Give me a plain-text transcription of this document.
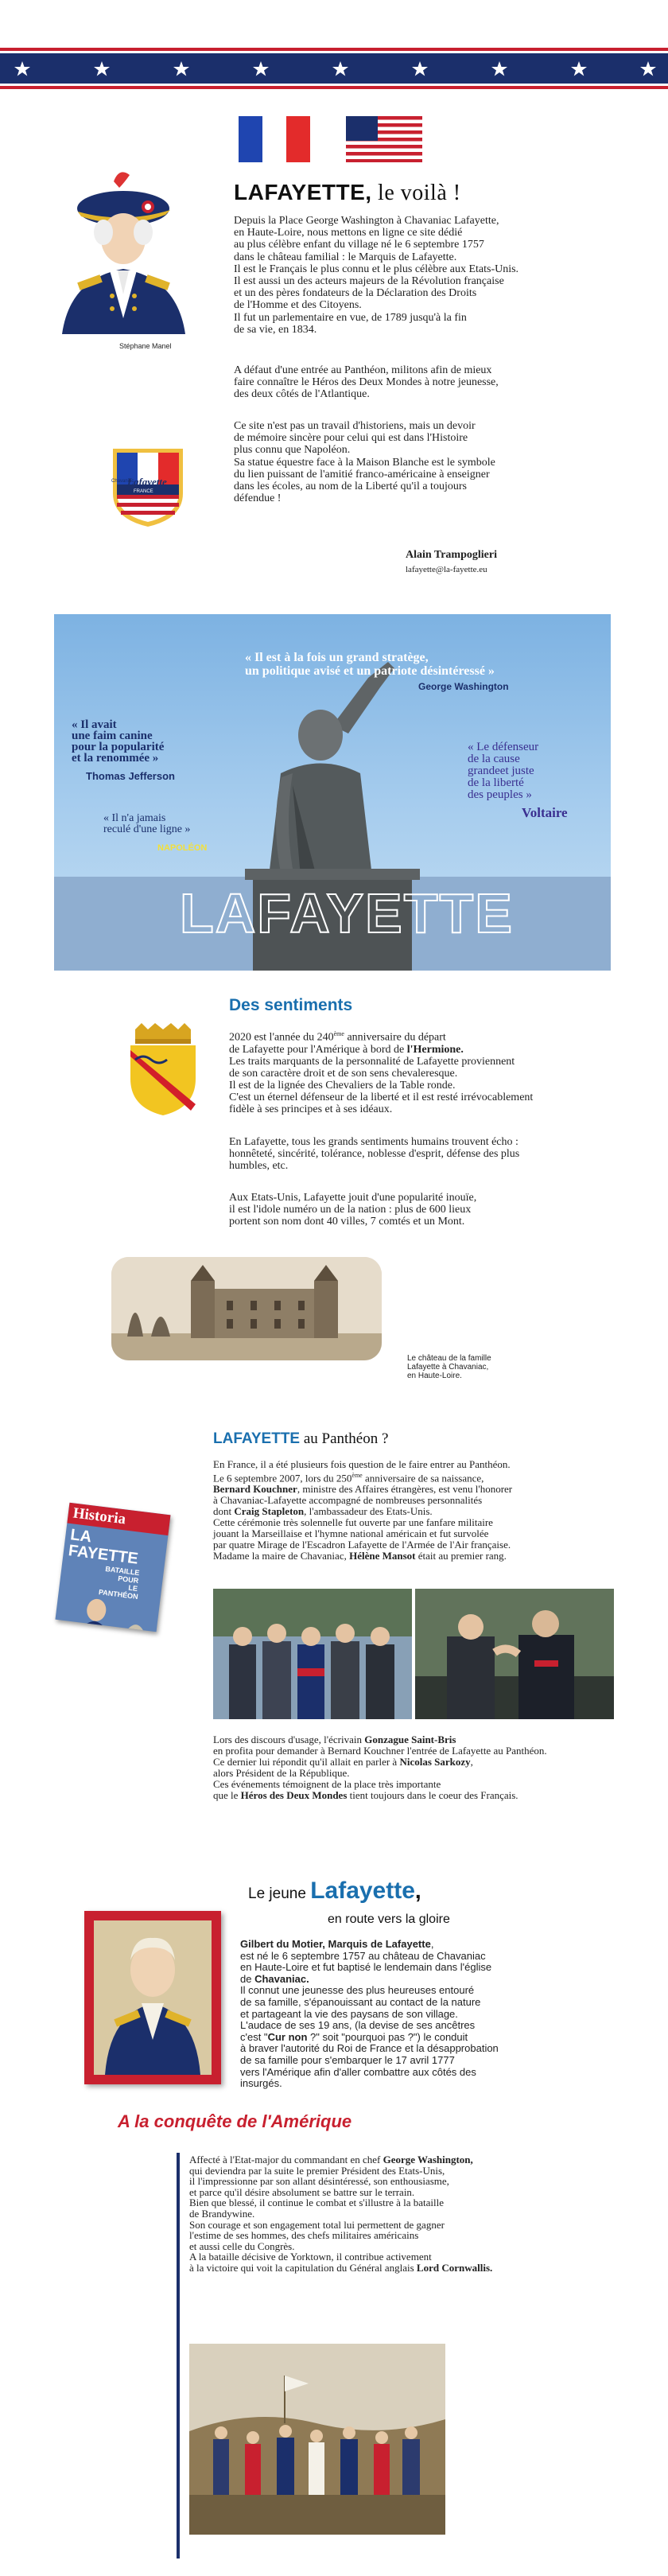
Stéphane Manel
LAFAYETTE, le voilà !

Depuis la Place George Washington à Chavaniac Lafayette,
en Haute-Loire, nous mettons en ligne ce site dédié
au plus célèbre enfant du village né le 6 septembre 1757
dans le château familial : le Marquis de Lafayette.
Il est le Français le plus connu et le plus célèbre aux Etats-Unis.
Il est aussi un des acteurs majeurs de la Révolution française
et un des pères fondateurs de la Déclaration des Droits
de l'Homme et des Citoyens.
Il fut un parlementaire en vue, de 1789 jusqu'à la fin
de sa vie, en 1834.

A défaut d'une entrée au Panthéon, militons afin de mieux
faire connaître le Héros des Deux Mondes à notre jeunesse,
des deux côtés de l'Atlantique.

Ce site n'est pas un travail d'historiens, mais un devoir
de mémoire sincère pour celui qui est dans l'Histoire
plus connu que Napoléon.
Sa statue équestre face à la Maison Blanche est le symbole
du lien puissant de l'amitié franco-américaine à enseigner
dans les écoles, au nom de la Liberté qu'il a toujours
défendue !

Lafayette
Chavaniac
FRANCE
Alain Trampoglieri
lafayette@la-fayette.eu
« Il est à la fois un grand stratège,
un politique avisé et un patriote désintéressé »
George Washington
« Il avait
une faim canine
pour la popularité
et la renommée »
Thomas Jefferson
« Le défenseur
de la cause
grandeet juste
de la liberté
des peuples »
Voltaire
« Il n'a jamais
reculé d'une ligne »
NAPOLÉON
LAFAYETTE
Des sentiments

2020 est l'année du 240ème anniversaire du départ
de Lafayette pour l'Amérique à bord de l'Hermione.
Les traits marquants de la personnalité de Lafayette proviennent
de son caractère droit et de son sens chevaleresque.
Il est de la lignée des Chevaliers de la Table ronde.
C'est un éternel défenseur de la liberté et il est resté irrévocablement
fidèle à ses principes et à ses idéaux.

En Lafayette, tous les grands sentiments humains trouvent écho :
honnêteté, sincérité, tolérance, noblesse d'esprit, défense des plus
humbles, etc.

Aux Etats-Unis, Lafayette jouit d'une popularité inouïe,
il est l'idole numéro un de la nation : plus de 600 lieux
portent son nom dont 40 villes, 7 comtés et un Mont.

Le château de la famille
Lafayette à Chavaniac,
en Haute-Loire.

LAFAYETTE au Panthéon ?

En France, il a été plusieurs fois question de le faire entrer au Panthéon.
Le 6 septembre 2007, lors du 250ème anniversaire de sa naissance,
Bernard Kouchner, ministre des Affaires étrangères, est venu l'honorer
à Chavaniac-Lafayette accompagné de nombreuses personnalités
dont Craig Stapleton, l'ambassadeur des Etats-Unis.
Cette cérémonie très solennelle fut ouverte par une fanfare militaire
jouant la Marseillaise et l'hymne national américain et fut survolée
par quatre Mirage de l'Escadron Lafayette de l'Armée de l'Air française.
Madame la maire de Chavaniac, Hélène Mansot était au premier rang.

Historia
LA FAYETTE
BATAILLE POUR
LE PANTHÉON

Lors des discours d'usage, l'écrivain Gonzague Saint-Bris
en profita pour demander à Bernard Kouchner l'entrée de Lafayette au Panthéon.
Ce dernier lui répondit qu'il allait en parler à Nicolas Sarkozy,
alors Président de la République.
Ces événements témoignent de la place très importante
que le Héros des Deux Mondes tient toujours dans le coeur des Français.

Le jeune Lafayette,
en route vers la gloire

Gilbert du Motier, Marquis de Lafayette,
est né le 6 septembre 1757 au château de Chavaniac
en Haute-Loire et fut baptisé le lendemain dans l'église
de Chavaniac.
Il connut une jeunesse des plus heureuses entouré
de sa famille, s'épanouissant au contact de la nature
et partageant la vie des paysans de son village.
L'audace de ses 19 ans, (la devise de ses ancêtres
c'est "Cur non ?" soit "pourquoi pas ?") le conduit
à braver l'autorité du Roi de France et la désapprobation
de sa famille pour s'embarquer le 17 avril 1777
vers l'Amérique afin d'aller combattre aux côtés des
insurgés.

A la conquête de l'Amérique

Affecté à l'Etat-major du commandant en chef George Washington,
qui deviendra par la suite le premier Président des Etats-Unis,
il l'impressionne par son allant désintéressé, son enthousiasme,
et parce qu'il désire absolument se battre sur le terrain.
Bien que blessé, il continue le combat et s'illustre à la bataille
de Brandywine.
Son courage et son engagement total lui permettent de gagner
l'estime de ses hommes, des chefs militaires américains
et aussi celle du Congrès.
A la bataille décisive de Yorktown, il contribue activement
à la victoire qui voit la capitulation du Général anglais Lord Cornwallis.
